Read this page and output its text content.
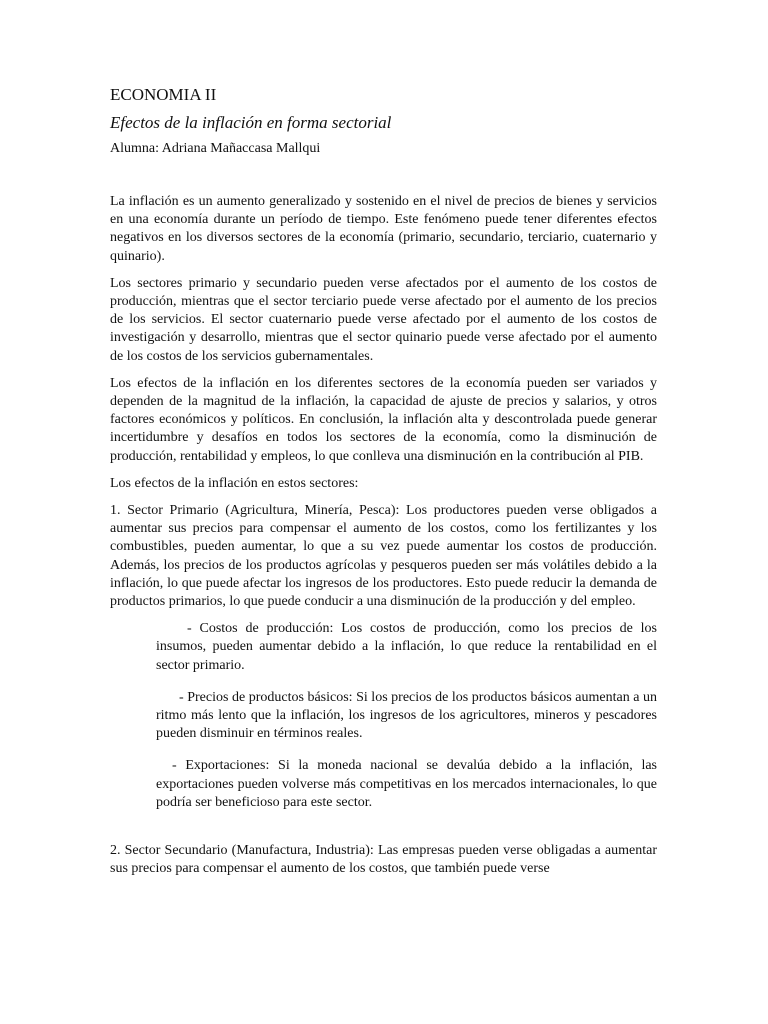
ECONOMIA II
Efectos de la inflación en forma sectorial
Alumna: Adriana Mañaccasa Mallqui

La inflación es un aumento generalizado y sostenido en el nivel de precios de bienes y servicios en una economía durante un período de tiempo. Este fenómeno puede tener diferentes efectos negativos en los diversos sectores de la economía (primario, secundario, terciario, cuaternario y quinario).

Los sectores primario y secundario pueden verse afectados por el aumento de los costos de producción, mientras que el sector terciario puede verse afectado por el aumento de los precios de los servicios. El sector cuaternario puede verse afectado por el aumento de los costos de investigación y desarrollo, mientras que el sector quinario puede verse afectado por el aumento de los costos de los servicios gubernamentales.

Los efectos de la inflación en los diferentes sectores de la economía pueden ser variados y dependen de la magnitud de la inflación, la capacidad de ajuste de precios y salarios, y otros factores económicos y políticos. En conclusión, la inflación alta y descontrolada puede generar incertidumbre y desafíos en todos los sectores de la economía, como la disminución de producción, rentabilidad y empleos, lo que conlleva una disminución en la contribución al PIB.

Los efectos de la inflación en estos sectores:

1. Sector Primario (Agricultura, Minería, Pesca): Los productores pueden verse obligados a aumentar sus precios para compensar el aumento de los costos, como los fertilizantes y los combustibles, pueden aumentar, lo que a su vez puede aumentar los costos de producción. Además, los precios de los productos agrícolas y pesqueros pueden ser más volátiles debido a la inflación, lo que puede afectar los ingresos de los productores. Esto puede reducir la demanda de productos primarios, lo que puede conducir a una disminución de la producción y del empleo.

- Costos de producción: Los costos de producción, como los precios de los insumos, pueden aumentar debido a la inflación, lo que reduce la rentabilidad en el sector primario.

- Precios de productos básicos: Si los precios de los productos básicos aumentan a un ritmo más lento que la inflación, los ingresos de los agricultores, mineros y pescadores pueden disminuir en términos reales.

- Exportaciones: Si la moneda nacional se devalúa debido a la inflación, las exportaciones pueden volverse más competitivas en los mercados internacionales, lo que podría ser beneficioso para este sector.

2. Sector Secundario (Manufactura, Industria): Las empresas pueden verse obligadas a aumentar sus precios para compensar el aumento de los costos, que también puede verse
